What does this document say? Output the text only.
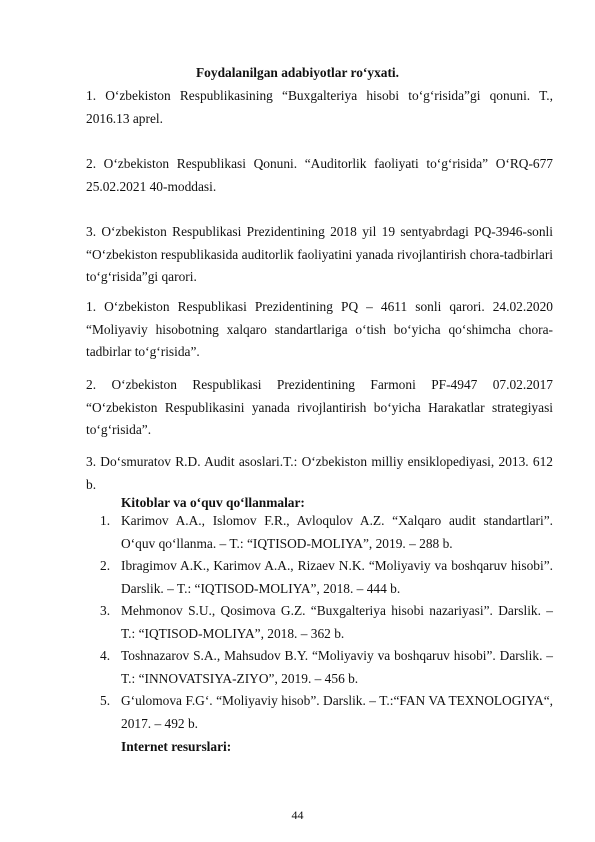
Foydalanilgan adabiyotlar ro‘yxati.
1. O‘zbekiston Respublikasining “Buxgalteriya hisobi to‘g‘risida”gi qonuni. T., 2016.13 aprel.
2. O‘zbekiston Respublikasi Qonuni. “Auditorlik faoliyati to‘g‘risida” O‘RQ-677 25.02.2021 40-moddasi.
3. O‘zbekiston Respublikasi Prezidentining 2018 yil 19 sentyabrdagi PQ-3946-sonli “O‘zbekiston respublikasida auditorlik faoliyatini yanada rivojlantirish chora-tadbirlari to‘g‘risida”gi qarori.
1. O‘zbekiston Respublikasi Prezidentining PQ – 4611 sonli qarori. 24.02.2020 “Moliyaviy hisobotning xalqaro standartlariga o‘tish bo‘yicha qo‘shimcha chora-tadbirlar to‘g‘risida”.
2. O‘zbekiston Respublikasi Prezidentining Farmoni PF-4947 07.02.2017 “O‘zbekiston Respublikasini yanada rivojlantirish bo‘yicha Harakatlar strategiyasi to‘g‘risida”.
3. Do‘smuratov R.D. Audit asoslari.T.: O‘zbekiston milliy ensiklopediyasi, 2013. 612 b.
Kitoblar va o‘quv qo‘llanmalar:
1. Karimov A.A., Islomov F.R., Avloqulov A.Z. “Xalqaro audit standartlari”. O‘quv qo‘llanma. – T.: “IQTISOD-MOLIYA”, 2019. – 288 b.
2. Ibragimov A.K., Karimov A.A., Rizaev N.K. “Moliyaviy va boshqaruv hisobi”. Darslik. – T.: “IQTISOD-MOLIYA”, 2018. – 444 b.
3. Mehmonov S.U., Qosimova G.Z. “Buxgalteriya hisobi nazariyasi”. Darslik. – T.: “IQTISOD-MOLIYA”, 2018. – 362 b.
4. Toshnazarov S.A., Mahsudov B.Y. “Moliyaviy va boshqaruv hisobi”. Darslik. – T.: “INNOVATSIYA-ZIYO”, 2019. – 456 b.
5. G‘ulomova F.G‘. “Moliyaviy hisob”. Darslik. – T.:“FAN VA TEXNOLOGIYA“, 2017. – 492 b.
Internet resurslari:
44
